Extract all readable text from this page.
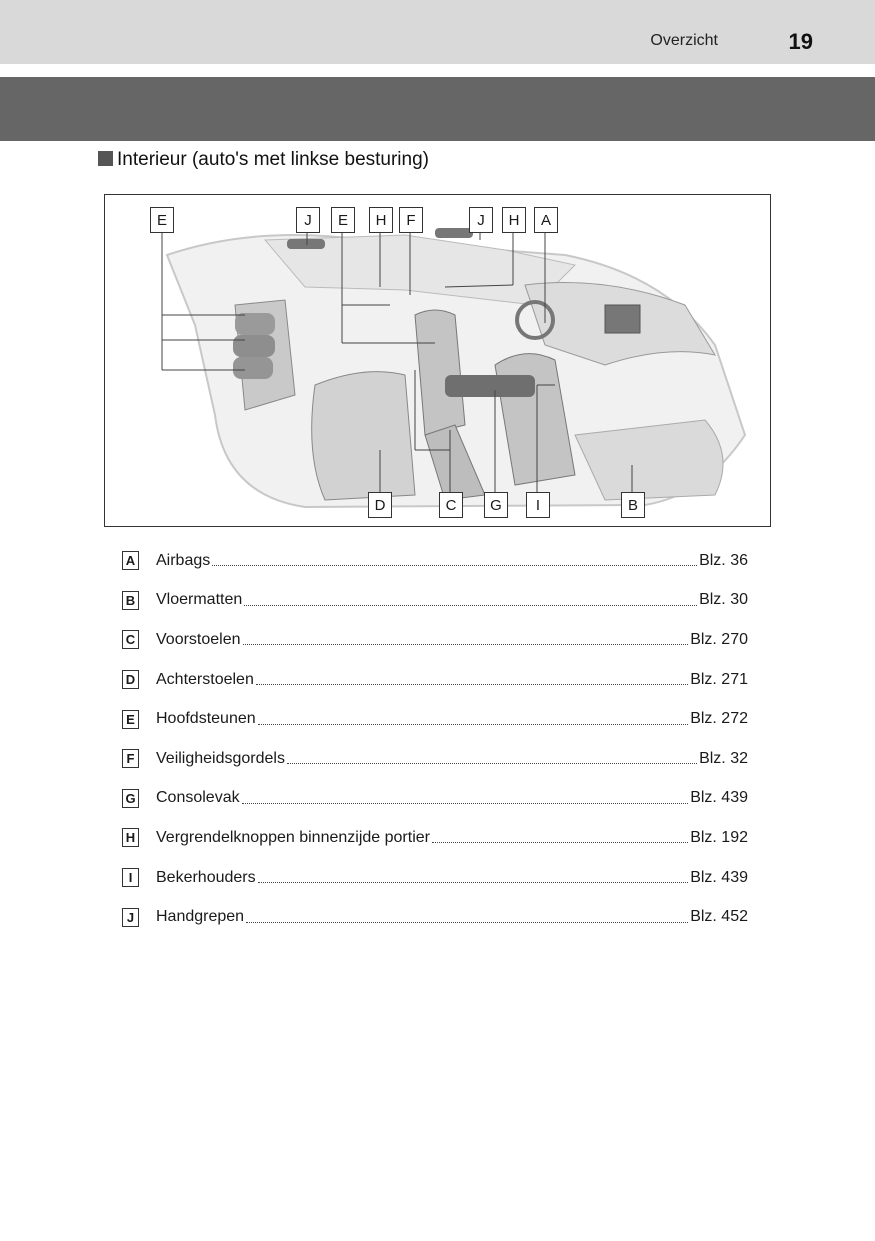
Overzicht	19
Interieur (auto's met linkse besturing)
E	J	E	H	F	J	H	A
D	C	G	I	B
A Airbags	Blz. 36
B Vloermatten	Blz. 30
C Voorstoelen	Blz. 270
D Achterstoelen	Blz. 271
E Hoofdsteunen	Blz. 272
F Veiligheidsgordels	Blz. 32
G Consolevak	Blz. 439
H Vergrendelknoppen binnenzijde portier	Blz. 192
I	Bekerhouders	Blz. 439
J	Handgrepen	Blz. 452
